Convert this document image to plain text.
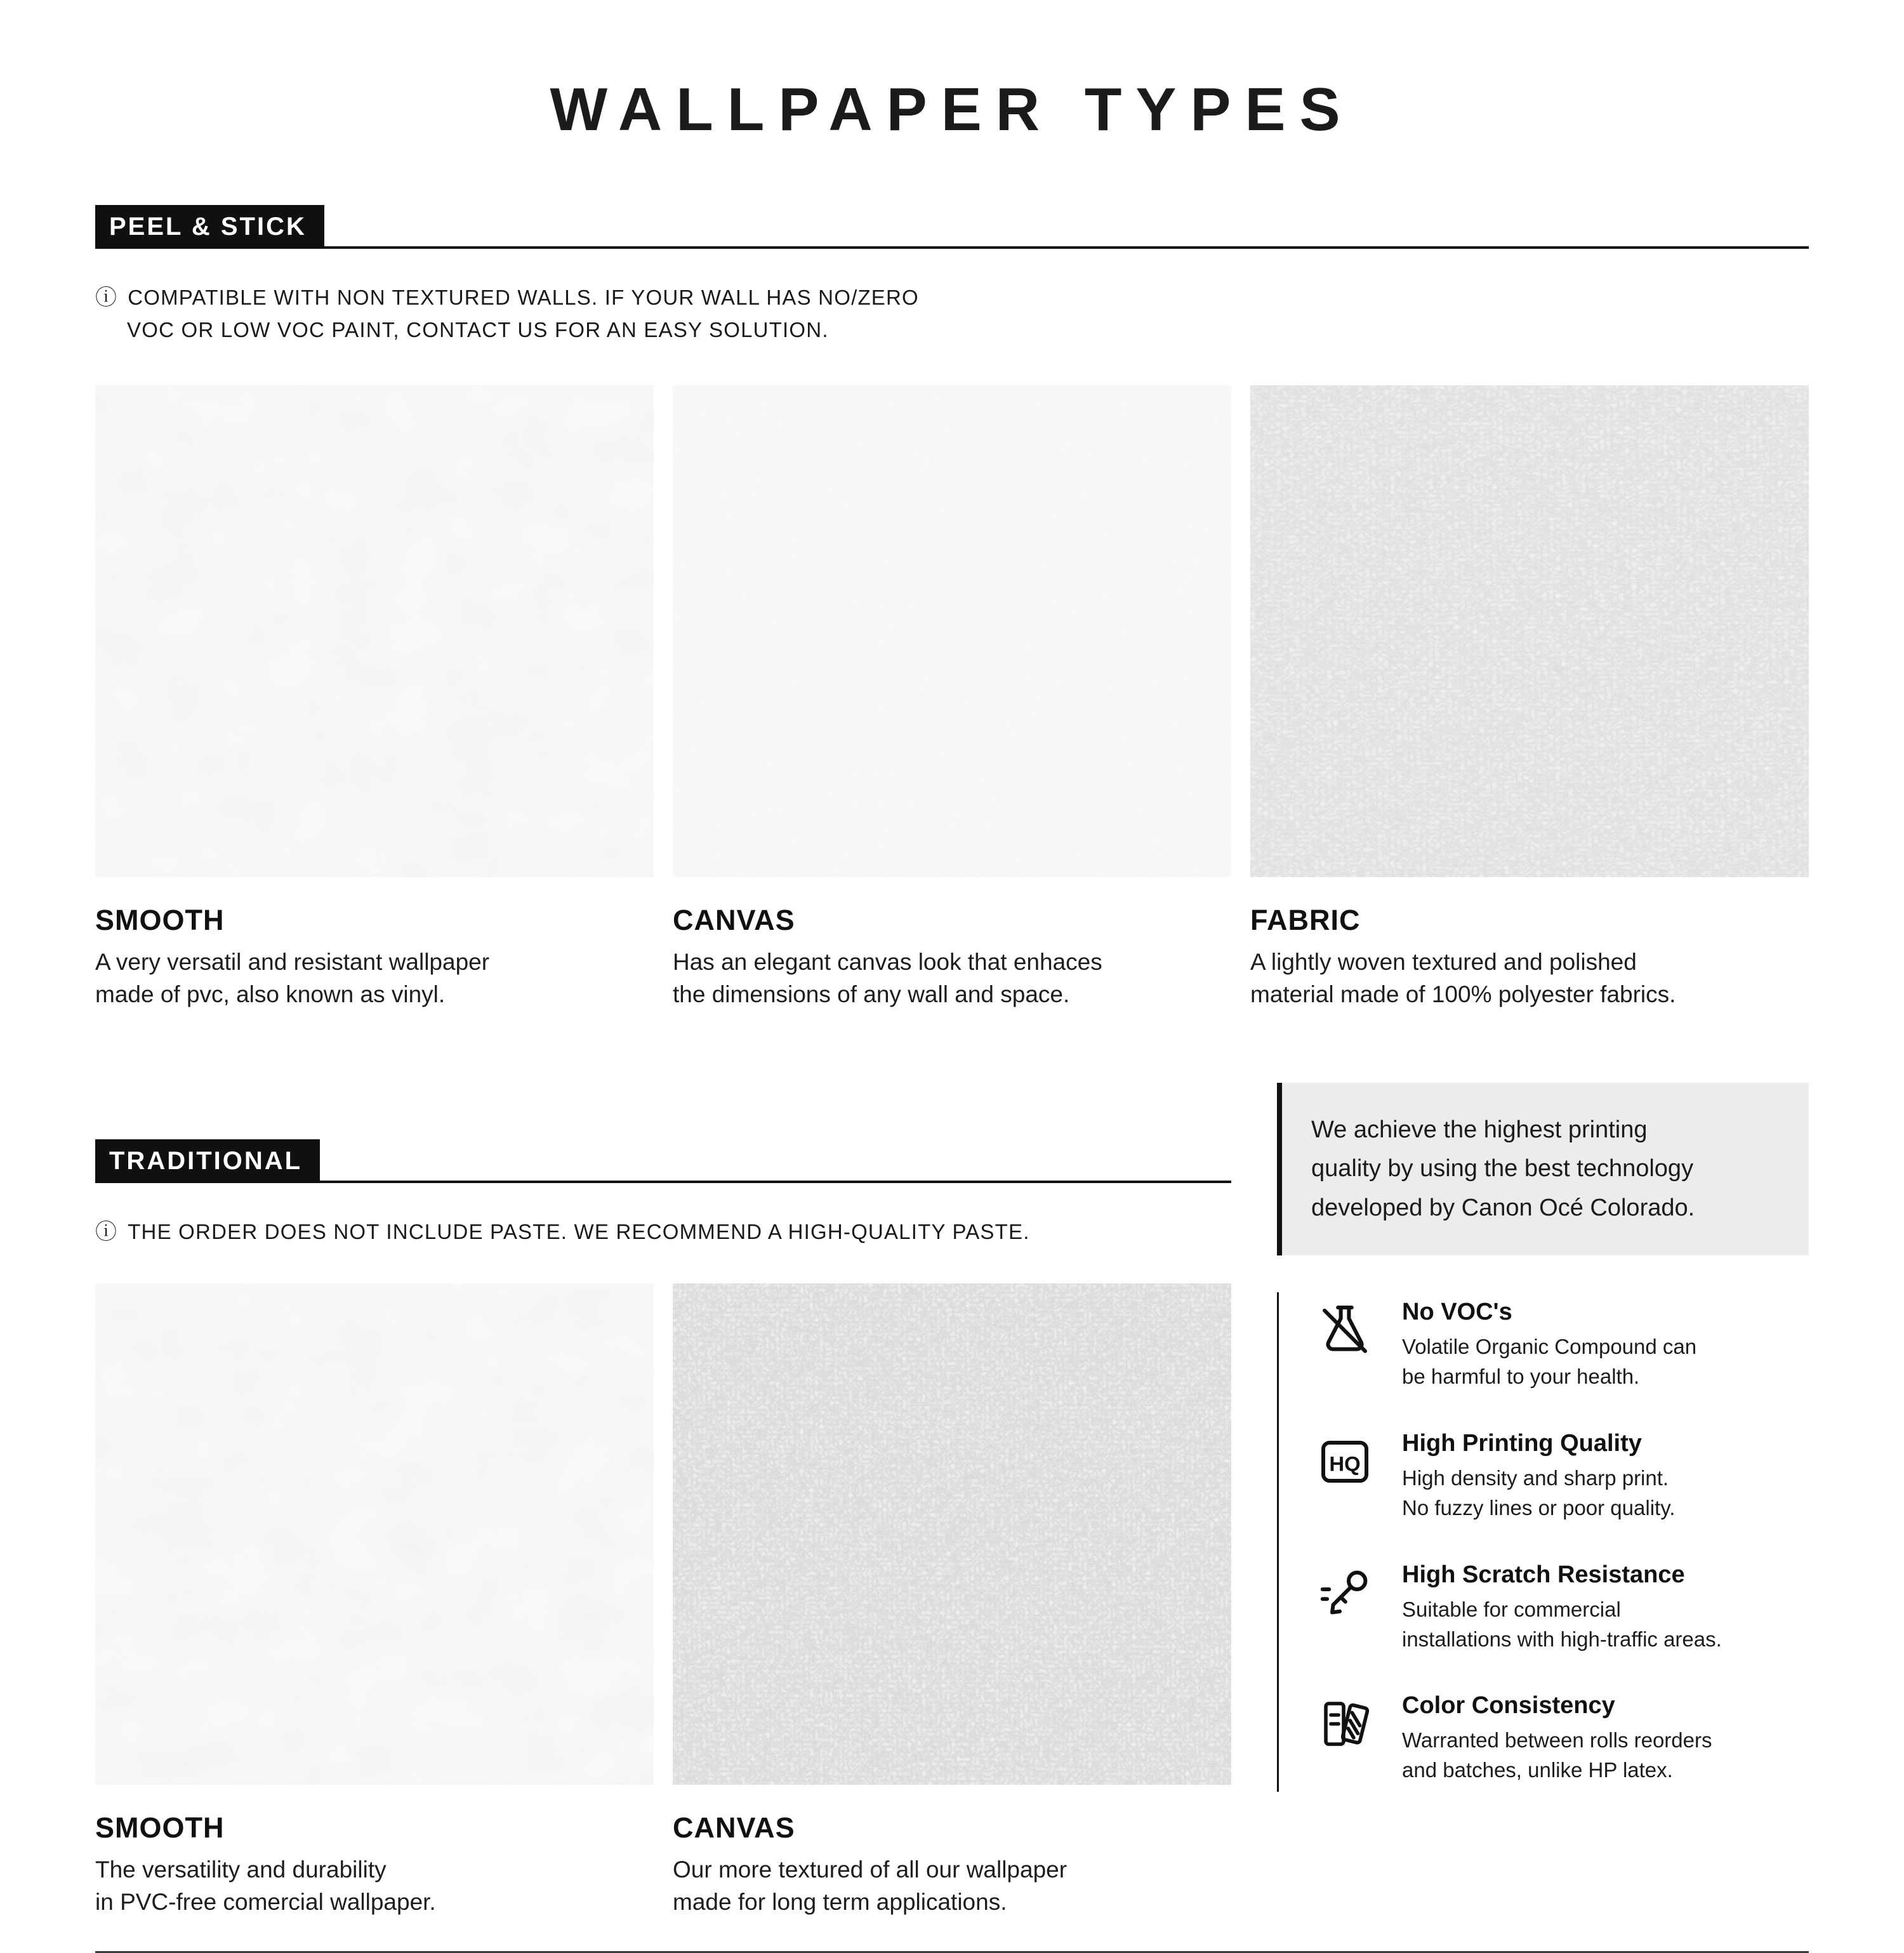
WALLPAPER TYPES
PEEL & STICK
ⓘ COMPATIBLE WITH NON TEXTURED WALLS. IF YOUR WALL HAS NO/ZERO
VOC OR LOW VOC PAINT, CONTACT US FOR AN EASY SOLUTION.
SMOOTH

A very versatil and resistant wallpaper
made of pvc, also known as vinyl.

CANVAS

Has an elegant canvas look that enhaces
the dimensions of any wall and space.

FABRIC

A lightly woven textured and polished
material made of 100% polyester fabrics.

TRADITIONAL
ⓘ THE ORDER DOES NOT INCLUDE PASTE. WE RECOMMEND A HIGH-QUALITY PASTE.
SMOOTH

The versatility and durability
in PVC-free comercial wallpaper.

CANVAS

Our more textured of all our wallpaper
made for long term applications.

We achieve the highest printing
quality by using the best technology
developed by Canon Océ Colorado.

No VOC's

Volatile Organic Compound can
be harmful to your health.

HQ

High Printing Quality

High density and sharp print.
No fuzzy lines or poor quality.

High Scratch Resistance

Suitable for commercial
installations with high-traffic areas.

Color Consistency

Warranted between rolls reorders
and batches, unlike HP latex.
